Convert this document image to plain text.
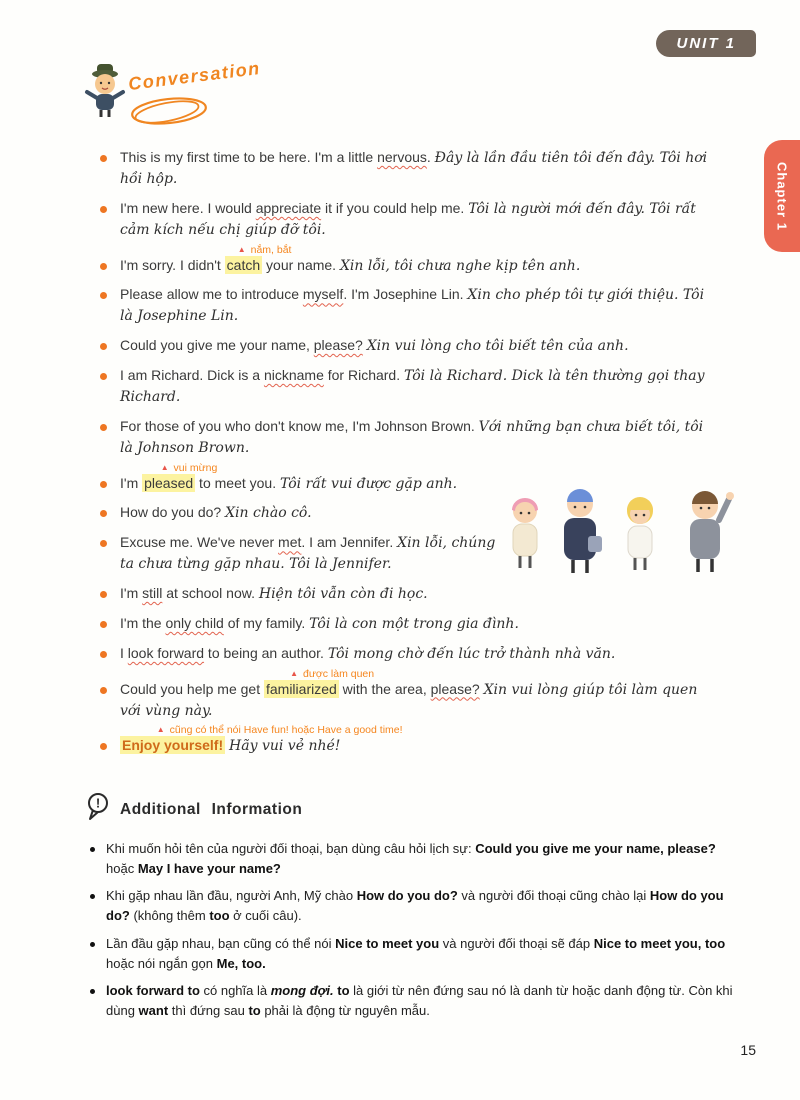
UNIT 1
Chapter 1
Conversation
This is my first time to be here. I'm a little nervous. Đây là lần đầu tiên tôi đến đây. Tôi hơi hồi hộp.
I'm new here. I would appreciate it if you could help me. Tôi là người mới đến đây. Tôi rất cảm kích nếu chị giúp đỡ tôi.
I'm sorry. I didn't
▲ nắm, bắt
catch your name. Xin lỗi, tôi chưa nghe kịp tên anh.
Please allow me to introduce myself. I'm Josephine Lin. Xin cho phép tôi tự giới thiệu. Tôi là Josephine Lin.
Could you give me your name, please? Xin vui lòng cho tôi biết tên của anh.
I am Richard. Dick is a nickname for Richard. Tôi là Richard. Dick là tên thường gọi thay Richard.
For those of you who don't know me, I'm Johnson Brown. Với những bạn chưa biết tôi, tôi là Johnson Brown.
I'm
▲ vui mừng
pleased to meet you. Tôi rất vui được gặp anh.
How do you do? Xin chào cô.
Excuse me. We've never met. I am Jennifer. Xin lỗi, chúng ta chưa từng gặp nhau. Tôi là Jennifer.
I'm still at school now. Hiện tôi vẫn còn đi học.
I'm the only child of my family. Tôi là con một trong gia đình.
I look forward to being an author. Tôi mong chờ đến lúc trở thành nhà văn.
Could you help me get
▲ được làm quen
familiarized with the area, please? Xin vui lòng giúp tôi làm quen với vùng này.
▲ cũng có thể nói Have fun! hoặc Have a good time!
Enjoy yourself! Hãy vui vẻ nhé!
! Additional Information
Khi muốn hỏi tên của người đối thoại, bạn dùng câu hỏi lịch sự: Could you give me your name, please? hoặc May I have your name?
Khi gặp nhau lần đầu, người Anh, Mỹ chào How do you do? và người đối thoại cũng chào lại How do you do? (không thêm too ở cuối câu).
Lần đầu gặp nhau, bạn cũng có thể nói Nice to meet you và người đối thoại sẽ đáp Nice to meet you, too hoặc nói ngắn gọn Me, too.
look forward to có nghĩa là mong đợi. to là giới từ nên đứng sau nó là danh từ hoặc danh động từ. Còn khi dùng want thì đứng sau to phải là động từ nguyên mẫu.
15
